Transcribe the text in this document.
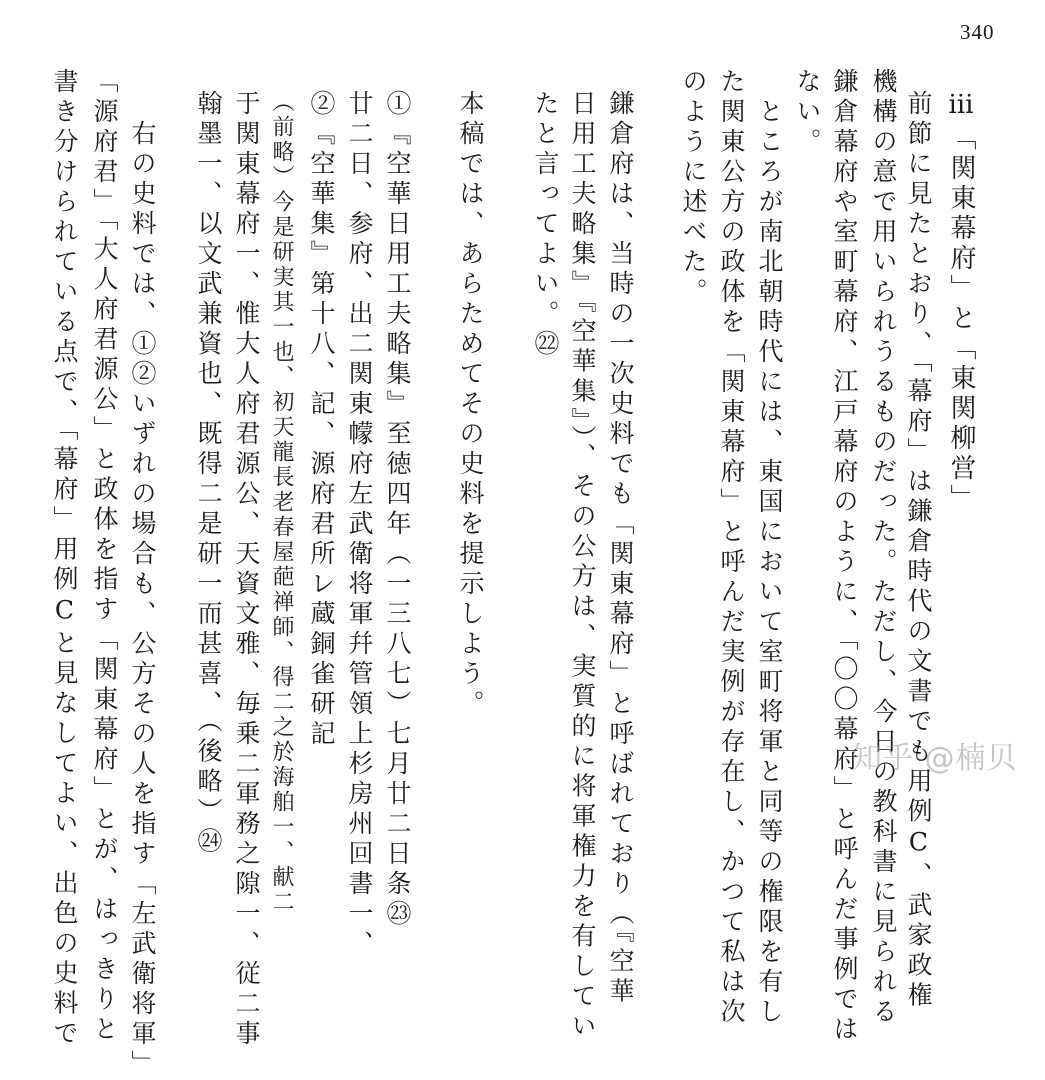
340
ⅲ「関東幕府」と「東関柳営」
前節に見たとおり、「幕府」は鎌倉時代の文書でも用例C、武家政権
機構の意で用いられうるものだった。ただし、今日の教科書に見られる
鎌倉幕府や室町幕府、江戸幕府のように、「〇〇幕府」と呼んだ事例では
ない。
　ところが南北朝時代には、東国において室町将軍と同等の権限を有し
た関東公方の政体を「関東幕府」と呼んだ実例が存在し、かつて私は次
のように述べた。
鎌倉府は、当時の一次史料でも「関東幕府」と呼ばれており（『空華
日用工夫略集』『空華集』）、その公方は、実質的に将軍権力を有してい
たと言ってよい。㉒
本稿では、あらためてその史料を提示しよう。
①『空華日用工夫略集』至徳四年（一三八七）七月廿二日条㉓
廿二日、参府、出二関東幪府左武衛将軍幷管領上杉房州回書一、
②『空華集』第十八、記、源府君所レ蔵銅雀研記
（前略）今是研実其一也、初天龍長老春屋葩禅師、得二之於海舶一、献二
于関東幕府一、惟大人府君源公、天資文雅、毎乗二軍務之隙一、従二事
翰墨一、以文武兼資也、既得二是研一而甚喜、（後略）㉔
　右の史料では、①②いずれの場合も、公方その人を指す「左武衛将軍」
「源府君」「大人府君源公」と政体を指す「関東幕府」とが、はっきりと
書き分けられている点で、「幕府」用例Cと見なしてよい、出色の史料で	知乎 @楠贝
